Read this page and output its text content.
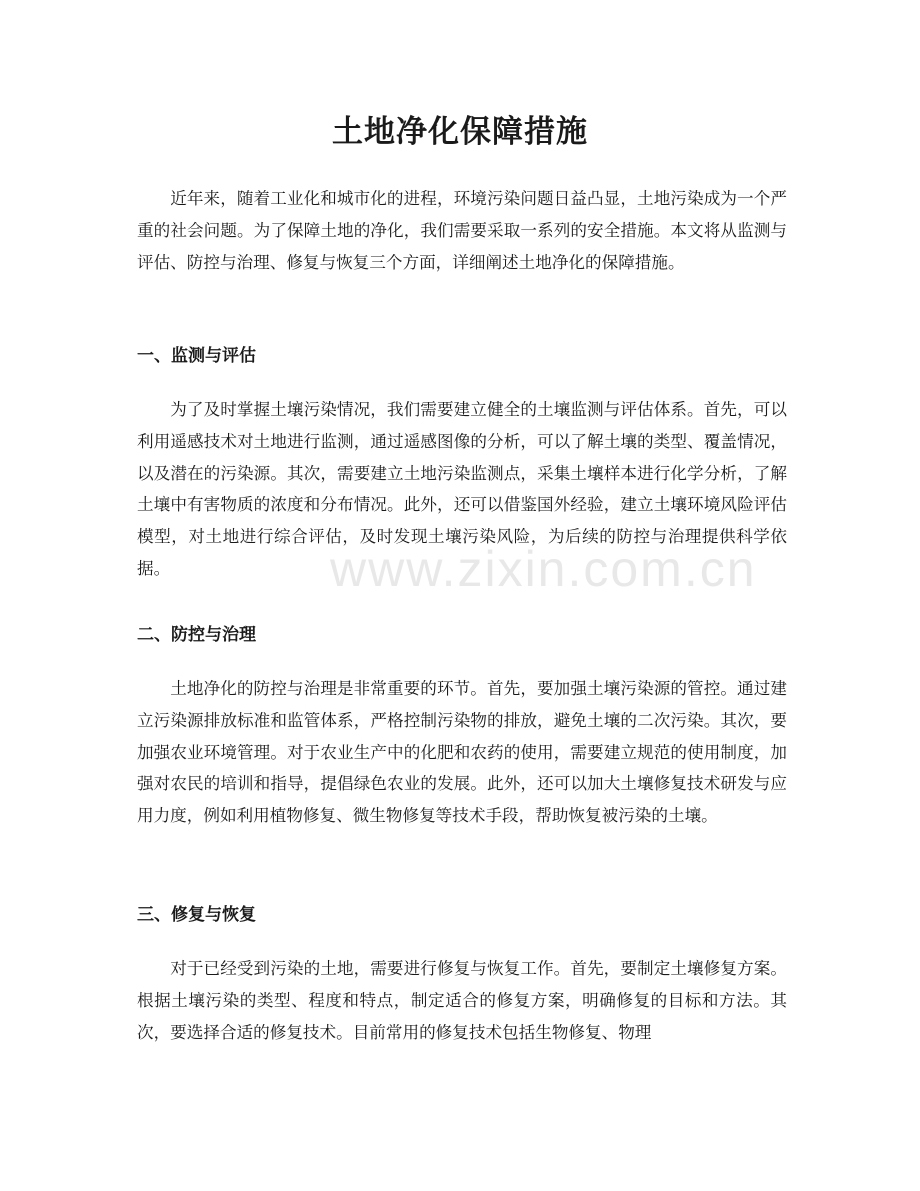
土地净化保障措施

近年来，随着工业化和城市化的进程，环境污染问题日益凸显，土地污染成为一个严重的社会问题。为了保障土地的净化，我们需要采取一系列的安全措施。本文将从监测与评估、防控与治理、修复与恢复三个方面，详细阐述土地净化的保障措施。

一、监测与评估

为了及时掌握土壤污染情况，我们需要建立健全的土壤监测与评估体系。首先，可以利用遥感技术对土地进行监测，通过遥感图像的分析，可以了解土壤的类型、覆盖情况，以及潜在的污染源。其次，需要建立土地污染监测点，采集土壤样本进行化学分析，了解土壤中有害物质的浓度和分布情况。此外，还可以借鉴国外经验，建立土壤环境风险评估模型，对土地进行综合评估，及时发现土壤污染风险，为后续的防控与治理提供科学依据。

二、防控与治理

土地净化的防控与治理是非常重要的环节。首先，要加强土壤污染源的管控。通过建立污染源排放标准和监管体系，严格控制污染物的排放，避免土壤的二次污染。其次，要加强农业环境管理。对于农业生产中的化肥和农药的使用，需要建立规范的使用制度，加强对农民的培训和指导，提倡绿色农业的发展。此外，还可以加大土壤修复技术研发与应用力度，例如利用植物修复、微生物修复等技术手段，帮助恢复被污染的土壤。

三、修复与恢复

对于已经受到污染的土地，需要进行修复与恢复工作。首先，要制定土壤修复方案。根据土壤污染的类型、程度和特点，制定适合的修复方案，明确修复的目标和方法。其次，要选择合适的修复技术。目前常用的修复技术包括生物修复、物理

www.zixin.com.cn
